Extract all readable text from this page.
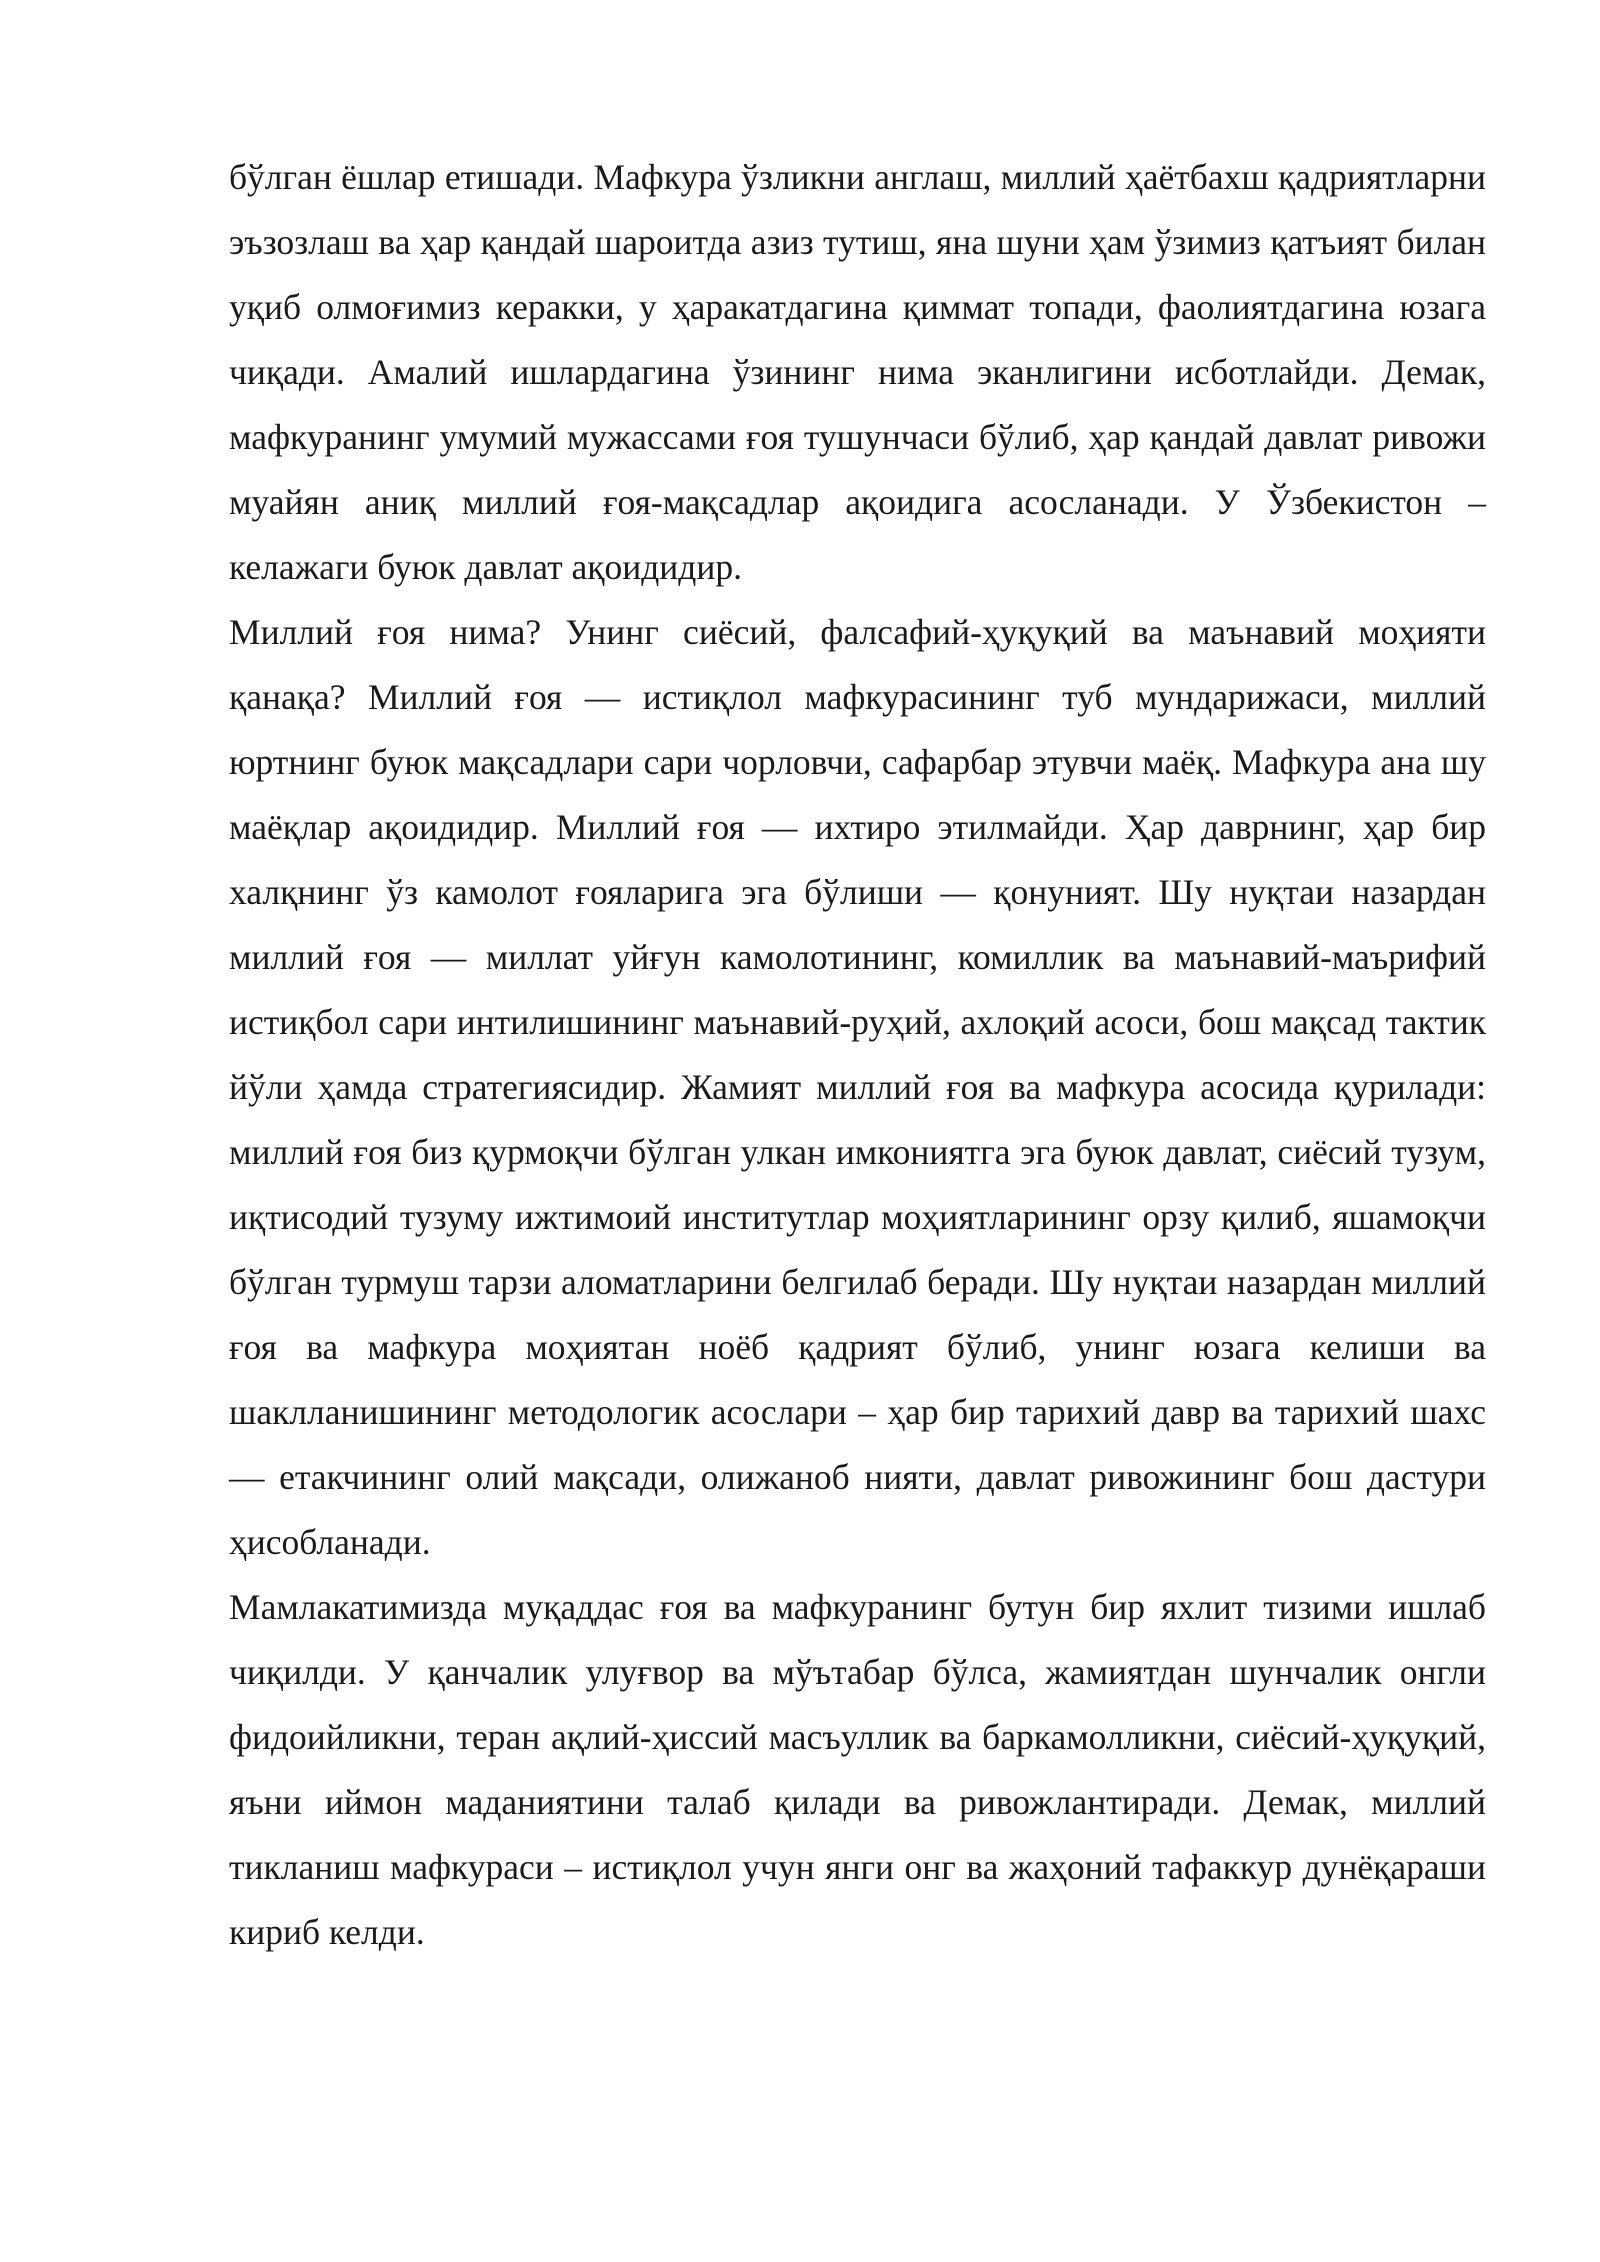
бўлган ёшлар етишади. Мафкура ўзликни англаш, миллий ҳаётбахш қадриятларни эъзозлаш ва ҳар қандай шароитда азиз тутиш, яна шуни ҳам ўзимиз қатъият билан уқиб олмоғимиз керакки, у ҳаракатдагина қиммат топади, фаолиятдагина юзага чиқади. Амалий ишлардагина ўзининг нима эканлигини исботлайди. Демак, мафкуранинг умумий мужассами ғоя тушунчаси бўлиб, ҳар қандай давлат ривожи муайян аниқ миллий ғоя-мақсадлар ақоидига асосланади. У Ўзбекистон – келажаги буюк давлат ақоидидир.

Миллий ғоя нима? Унинг сиёсий, фалсафий-ҳуқуқий ва маънавий моҳияти қанақа? Миллий ғоя — истиқлол мафкурасининг туб мундарижаси, миллий юртнинг буюк мақсадлари сари чорловчи, сафарбар этувчи маёқ. Мафкура ана шу маёқлар ақоидидир. Миллий ғоя — ихтиро этилмайди. Ҳар даврнинг, ҳар бир халқнинг ўз камолот ғояларига эга бўлиши — қонуният. Шу нуқтаи назардан миллий ғоя — миллат уйғун камолотининг, комиллик ва маънавий-маърифий истиқбол сари интилишининг маънавий-руҳий, ахлоқий асоси, бош мақсад тактик йўли ҳамда стратегиясидир. Жамият миллий ғоя ва мафкура асосида қурилади: миллий ғоя биз қурмоқчи бўлган улкан имкониятга эга буюк давлат, сиёсий тузум, иқтисодий тузуму ижтимоий институтлар моҳиятларининг орзу қилиб, яшамоқчи бўлган турмуш тарзи аломатларини белгилаб беради. Шу нуқтаи назардан миллий ғоя ва мафкура моҳиятан ноёб қадрият бўлиб, унинг юзага келиши ва шаклланишининг методологик асослари – ҳар бир тарихий давр ва тарихий шахс — етакчининг олий мақсади, олижаноб нияти, давлат ривожининг бош дастури ҳисобланади.

Мамлакатимизда муқаддас ғоя ва мафкуранинг бутун бир яхлит тизими ишлаб чиқилди. У қанчалик улуғвор ва мўътабар бўлса, жамиятдан шунчалик онгли фидоийликни, теран ақлий-ҳиссий масъуллик ва баркамолликни, сиёсий-ҳуқуқий, яъни иймон маданиятини талаб қилади ва ривожлантиради. Демак, миллий тикланиш мафкураси – истиқлол учун янги онг ва жаҳоний тафаккур дунёқараши кириб келди.
